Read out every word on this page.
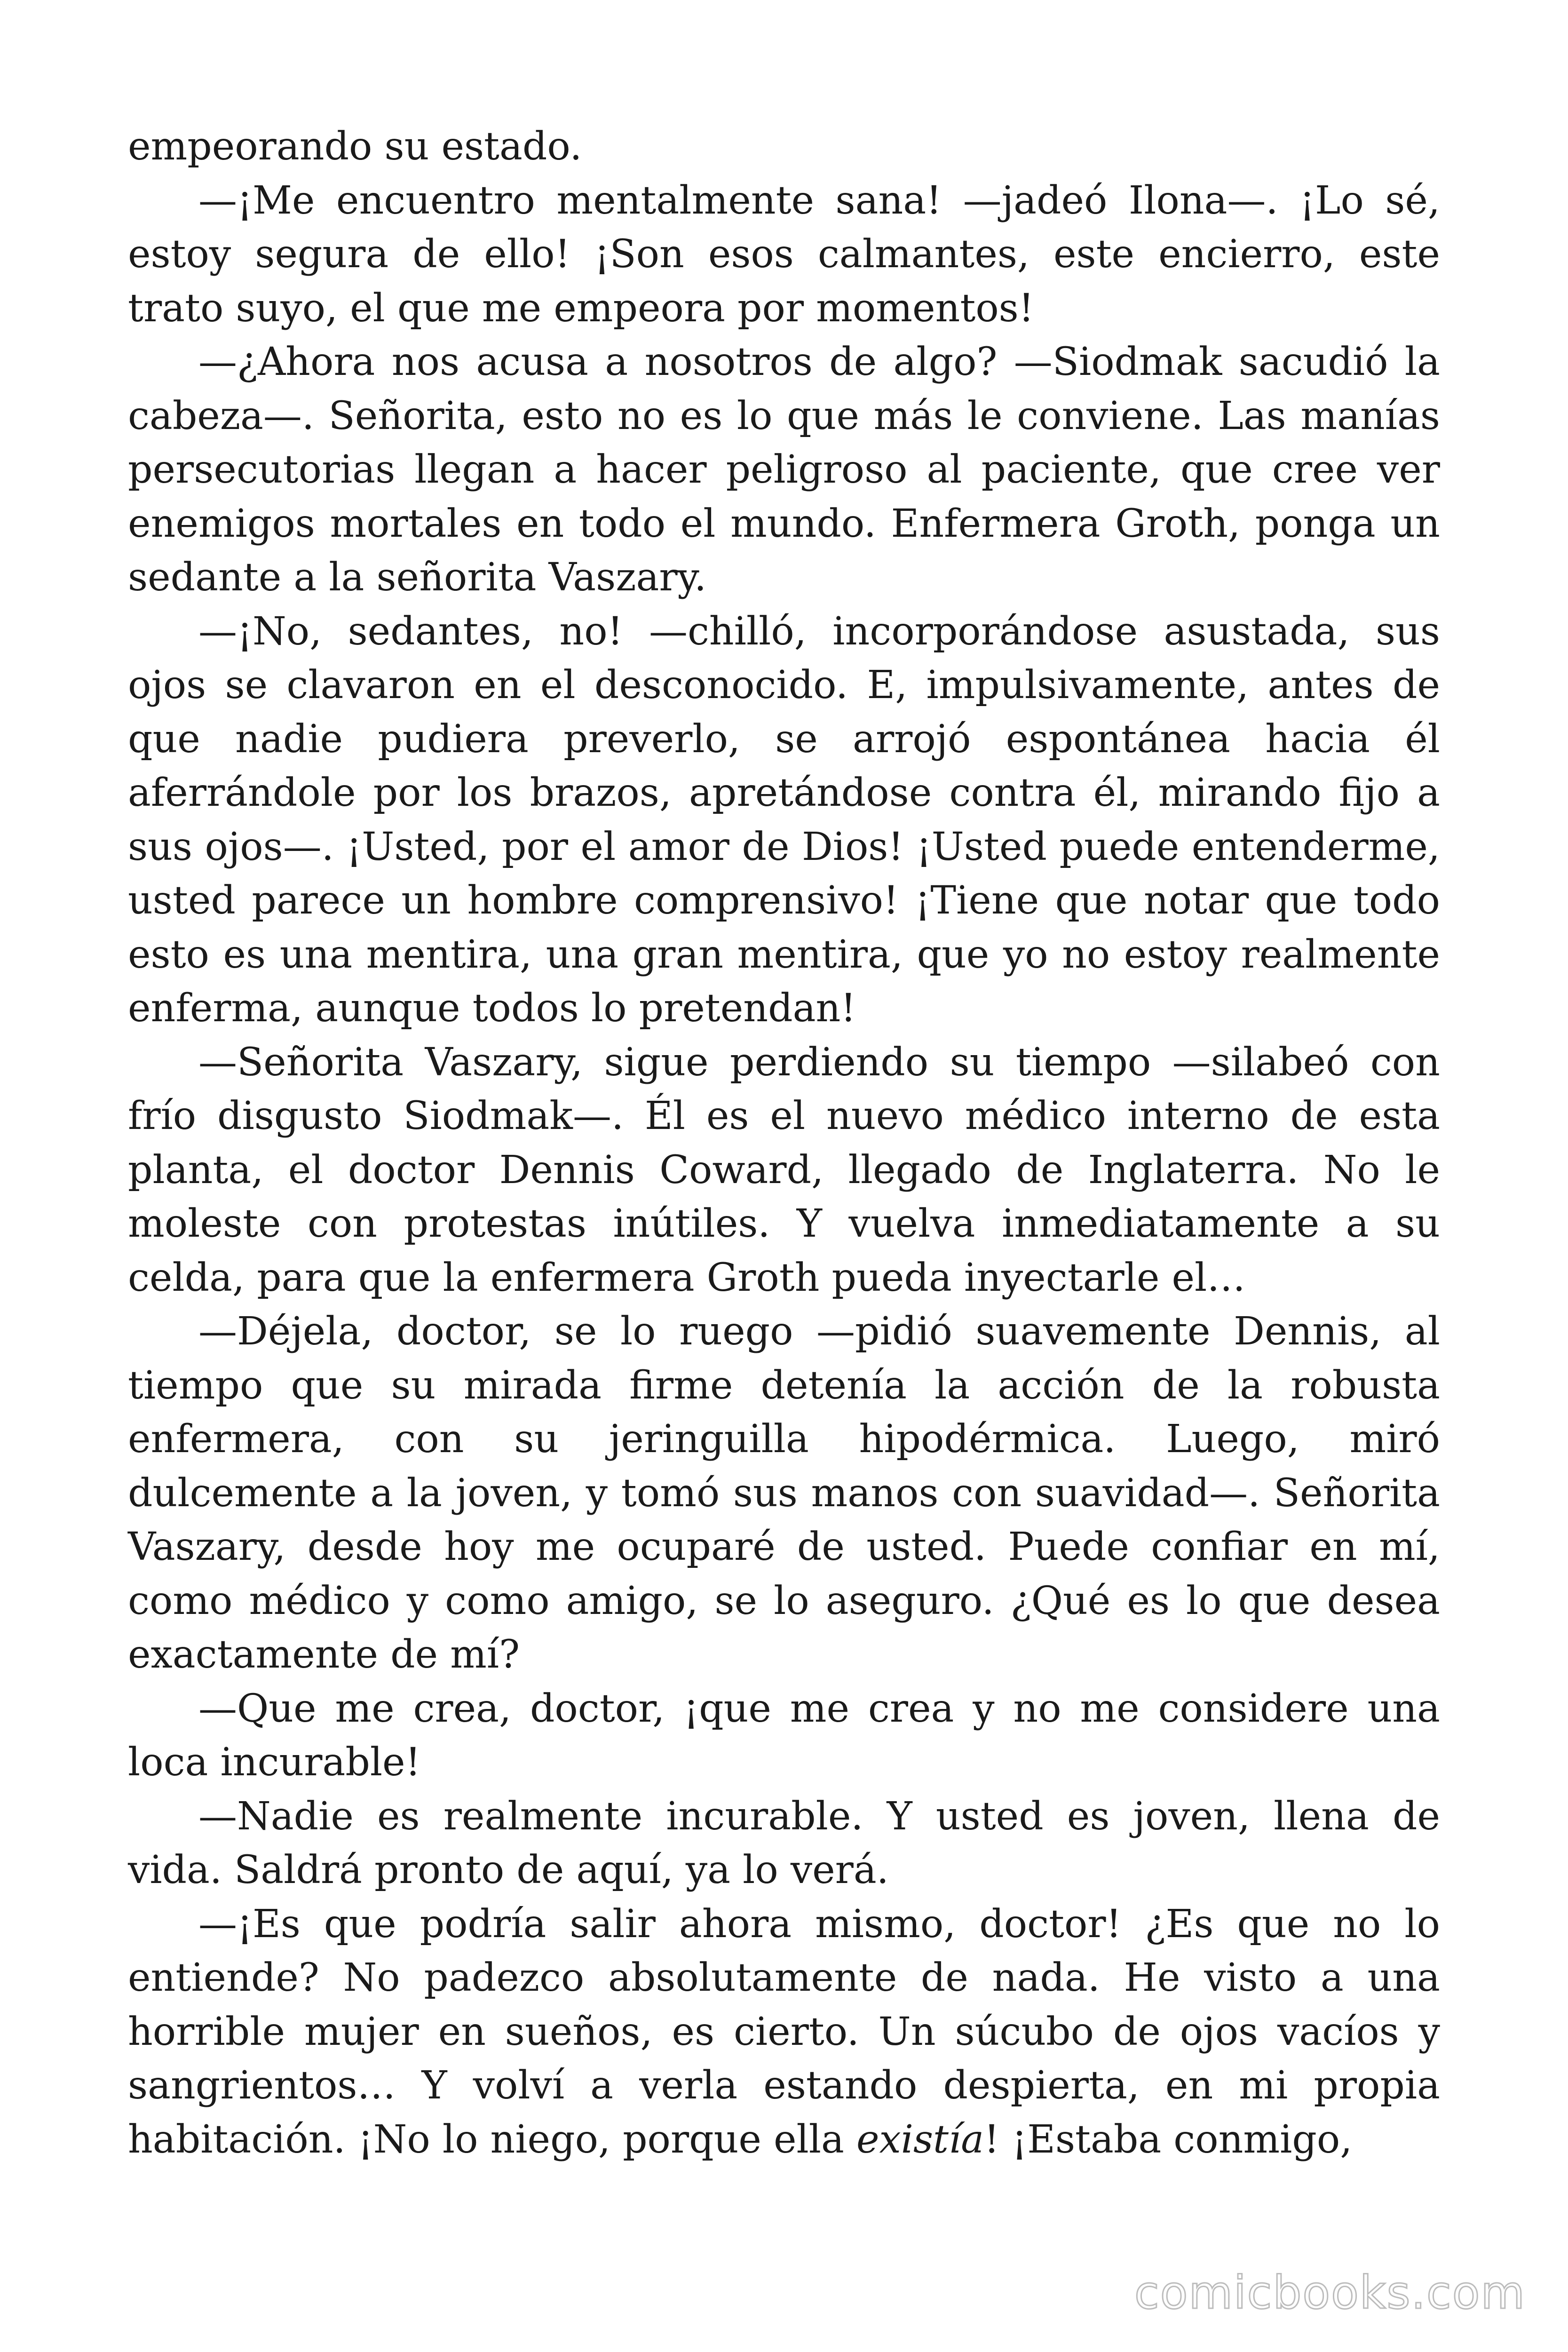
empeorando su estado.

—¡Me encuentro mentalmente sana! —jadeó Ilona—. ¡Lo sé, estoy segura de ello! ¡Son esos calmantes, este encierro, este trato suyo, el que me empeora por momentos!

—¿Ahora nos acusa a nosotros de algo? —Siodmak sacudió la cabeza—. Señorita, esto no es lo que más le conviene. Las manías persecutorias llegan a hacer peligroso al paciente, que cree ver enemigos mortales en todo el mundo. Enfermera Groth, ponga un sedante a la señorita Vaszary.

—¡No, sedantes, no! —chilló, incorporándose asustada, sus ojos se clavaron en el desconocido. E, impulsivamente, antes de que nadie pudiera preverlo, se arrojó espontánea hacia él aferrándole por los brazos, apretándose contra él, mirando fijo a sus ojos—. ¡Usted, por el amor de Dios! ¡Usted puede entenderme, usted parece un hombre comprensivo! ¡Tiene que notar que todo esto es una mentira, una gran mentira, que yo no estoy realmente enferma, aunque todos lo pretendan!

—Señorita Vaszary, sigue perdiendo su tiempo —silabeó con frío disgusto Siodmak—. Él es el nuevo médico interno de esta planta, el doctor Dennis Coward, llegado de Inglaterra. No le moleste con protestas inútiles. Y vuelva inmediatamente a su celda, para que la enfermera Groth pueda inyectarle el…

—Déjela, doctor, se lo ruego —pidió suavemente Dennis, al tiempo que su mirada firme detenía la acción de la robusta enfermera, con su jeringuilla hipodérmica. Luego, miró dulcemente a la joven, y tomó sus manos con suavidad—. Señorita Vaszary, desde hoy me ocuparé de usted. Puede confiar en mí, como médico y como amigo, se lo aseguro. ¿Qué es lo que desea exactamente de mí?

—Que me crea, doctor, ¡que me crea y no me considere una loca incurable!

—Nadie es realmente incurable. Y usted es joven, llena de vida. Saldrá pronto de aquí, ya lo verá.

—¡Es que podría salir ahora mismo, doctor! ¿Es que no lo entiende? No padezco absolutamente de nada. He visto a una horrible mujer en sueños, es cierto. Un súcubo de ojos vacíos y sangrientos… Y volví a verla estando despierta, en mi propia habitación. ¡No lo niego, porque ella existía! ¡Estaba conmigo,

comicbooks.com
